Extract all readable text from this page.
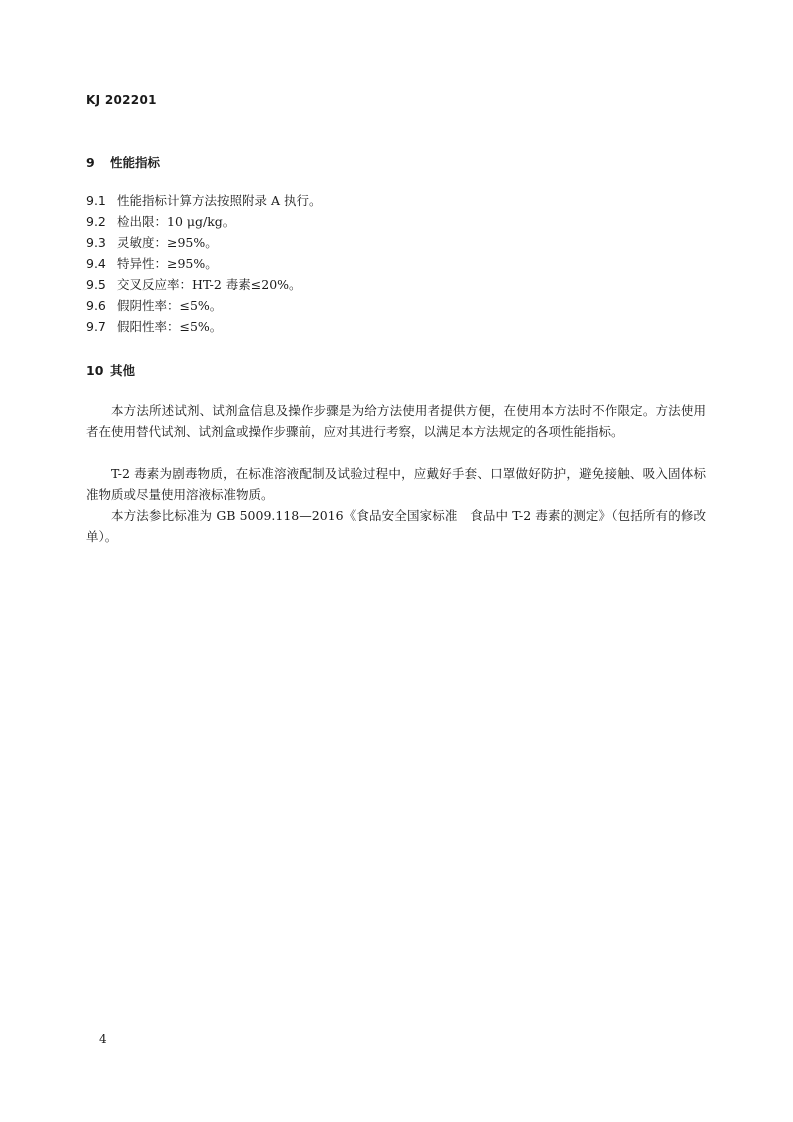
KJ 202201
9 性能指标
9.1 性能指标计算方法按照附录 A 执行。
9.2 检出限：10 μg/kg。
9.3 灵敏度：≥95%。
9.4 特异性：≥95%。
9.5 交叉反应率：HT-2 毒素≤20%。
9.6 假阴性率：≤5%。
9.7 假阳性率：≤5%。
10 其他
本方法所述试剂、试剂盒信息及操作步骤是为给方法使用者提供方便，在使用本方法时不作限定。方法使用者在使用替代试剂、试剂盒或操作步骤前，应对其进行考察，以满足本方法规定的各项性能指标。
T-2 毒素为剧毒物质，在标准溶液配制及试验过程中，应戴好手套、口罩做好防护，避免接触、吸入固体标准物质或尽量使用溶液标准物质。
本方法参比标准为 GB 5009.118—2016《食品安全国家标准　食品中 T-2 毒素的测定》（包括所有的修改单）。
4
